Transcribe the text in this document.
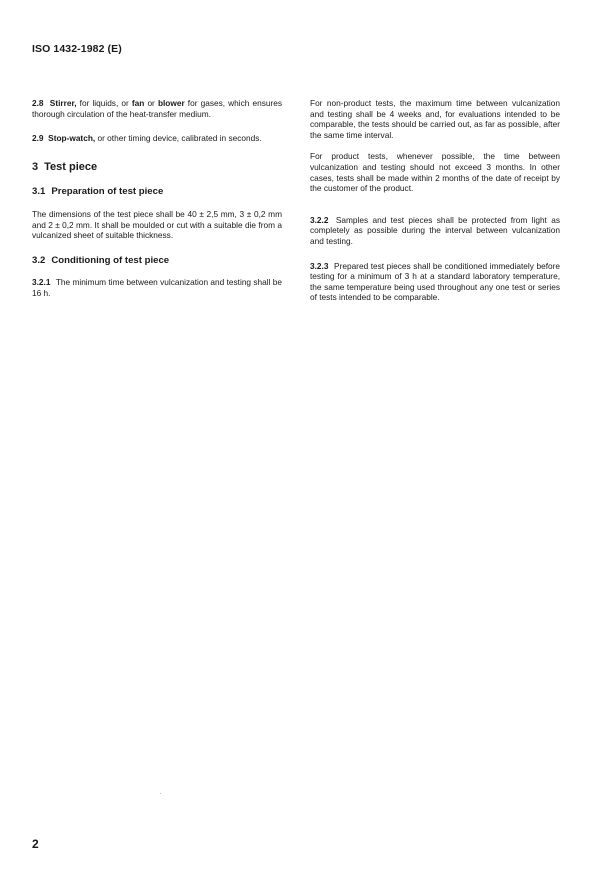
ISO 1432-1982 (E)

2.8 Stirrer, for liquids, or fan or blower for gases, which ensures thorough circulation of the heat-transfer medium.

2.9 Stop-watch, or other timing device, calibrated in seconds.

3 Test piece
3.1 Preparation of test piece

The dimensions of the test piece shall be 40 ± 2,5 mm, 3 ± 0,2 mm and 2 ± 0,2 mm. It shall be moulded or cut with a suitable die from a vulcanized sheet of suitable thickness.

3.2 Conditioning of test piece

3.2.1 The minimum time between vulcanization and testing shall be 16 h.

For non-product tests, the maximum time between vulcanization and testing shall be 4 weeks and, for evaluations intended to be comparable, the tests should be carried out, as far as possible, after the same time interval.

For product tests, whenever possible, the time between vulcanization and testing should not exceed 3 months. In other cases, tests shall be made within 2 months of the date of receipt by the customer of the product.

3.2.2 Samples and test pieces shall be protected from light as completely as possible during the interval between vulcanization and testing.

3.2.3 Prepared test pieces shall be conditioned immediately before testing for a minimum of 3 h at a standard laboratory temperature, the same temperature being used throughout any one test or series of tests intended to be comparable.

2
